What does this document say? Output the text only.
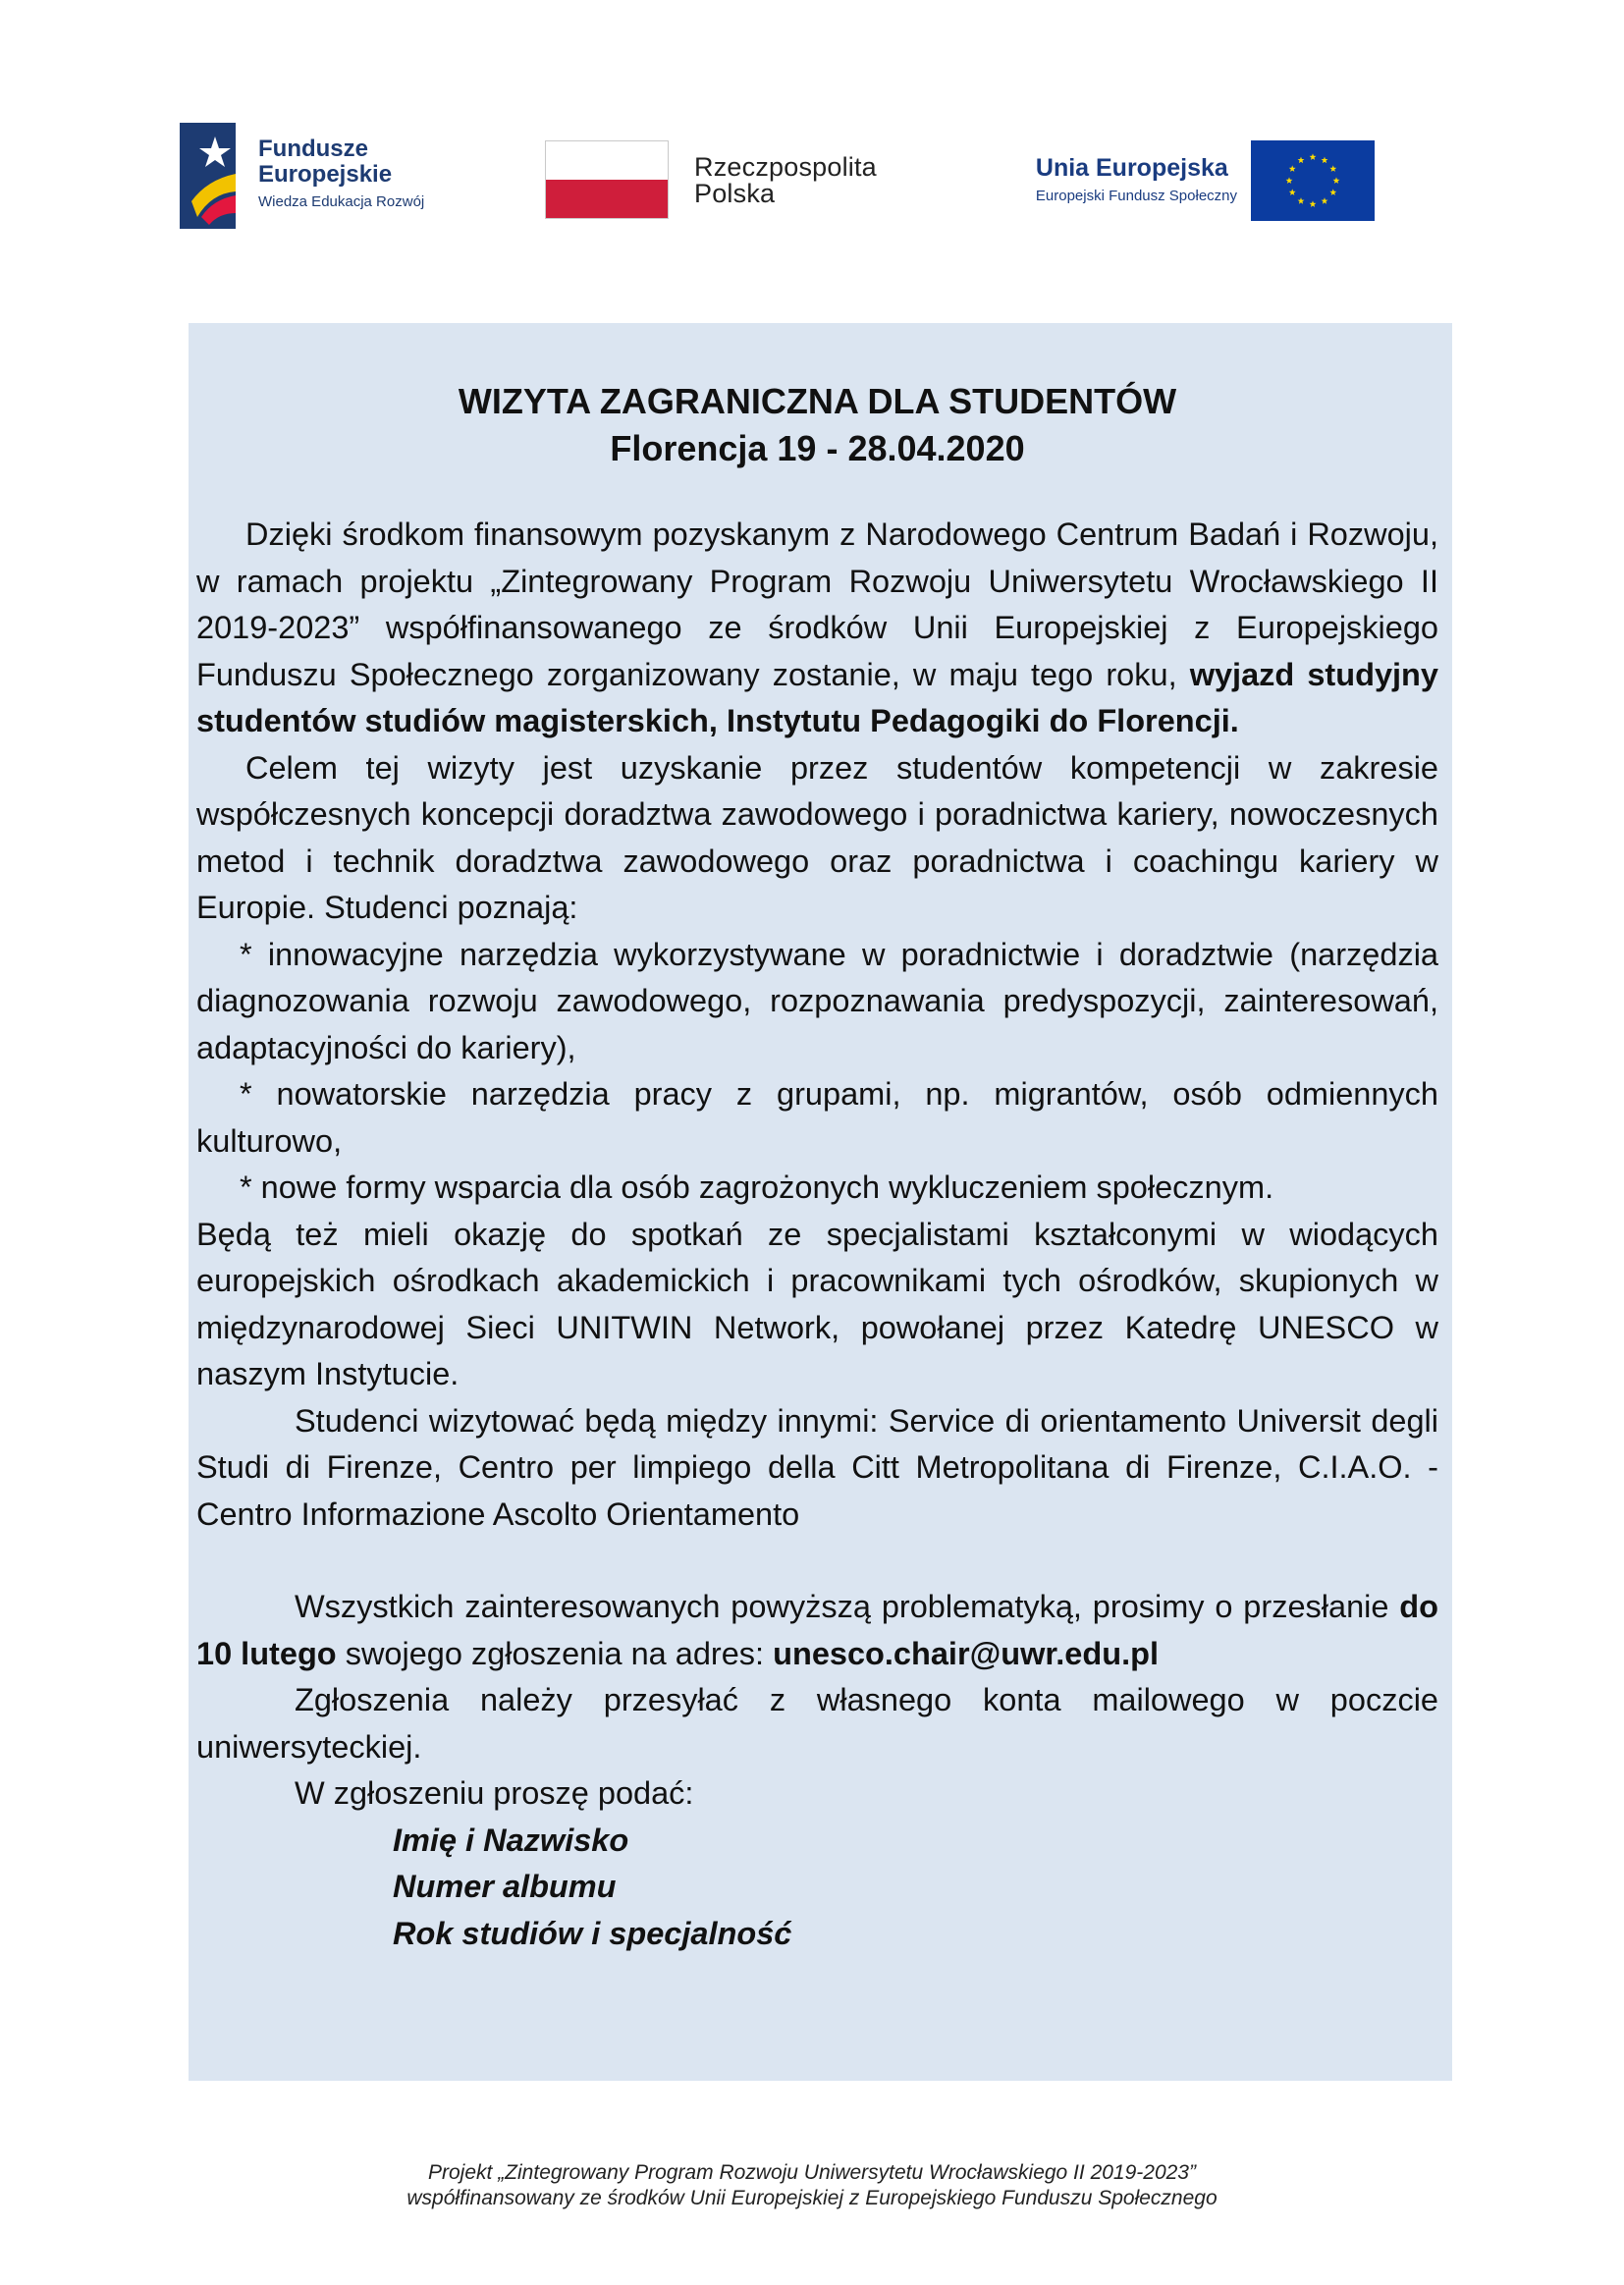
Fundusze
Europejskie
Wiedza Edukacja Rozwój
Rzeczpospolita
Polska
Unia Europejska
Europejski Fundusz Społeczny

WIZYTA ZAGRANICZNA DLA STUDENTÓW

Florencja 19 - 28.04.2020

Dzięki środkom finansowym pozyskanym z Narodowego Centrum Badań i Rozwoju, w ramach projektu „Zintegrowany Program Rozwoju Uniwersytetu Wrocławskiego II 2019-2023” współfinansowanego ze środków Unii Europejskiej z Europejskiego Funduszu Społecznego zorganizowany zostanie, w maju tego roku, wyjazd studyjny studentów studiów magisterskich, Instytutu Pedagogiki do Florencji.

Celem tej wizyty jest uzyskanie przez studentów kompetencji w zakresie współczesnych koncepcji doradztwa zawodowego i poradnictwa kariery, nowoczesnych metod i technik doradztwa zawodowego oraz poradnictwa i coachingu kariery w Europie. Studenci poznają:

* innowacyjne narzędzia wykorzystywane w poradnictwie i doradztwie (narzędzia diagnozowania rozwoju zawodowego, rozpoznawania predyspozycji, zainteresowań, adaptacyjności do kariery),

* nowatorskie narzędzia pracy z grupami, np. migrantów, osób odmiennych kulturowo,

* nowe formy wsparcia dla osób zagrożonych wykluczeniem społecznym.

Będą też mieli okazję do spotkań ze specjalistami kształconymi w wiodących europejskich ośrodkach akademickich i pracownikami tych ośrodków, skupionych w międzynarodowej Sieci UNITWIN Network, powołanej przez Katedrę UNESCO w naszym Instytucie.

Studenci wizytować będą między innymi: Service di orientamento Universit degli Studi di Firenze, Centro per limpiego della Citt Metropolitana di Firenze, C.I.A.O. - Centro Informazione Ascolto Orientamento

Wszystkich zainteresowanych powyższą problematyką, prosimy o przesłanie do 10 lutego swojego zgłoszenia na adres: unesco.chair@uwr.edu.pl

Zgłoszenia należy przesyłać z własnego konta mailowego w poczcie uniwersyteckiej.

W zgłoszeniu proszę podać:

Imię i Nazwisko

Numer albumu

Rok studiów i specjalność

Projekt „Zintegrowany Program Rozwoju Uniwersytetu Wrocławskiego II 2019-2023”
współfinansowany ze środków Unii Europejskiej z Europejskiego Funduszu Społecznego
